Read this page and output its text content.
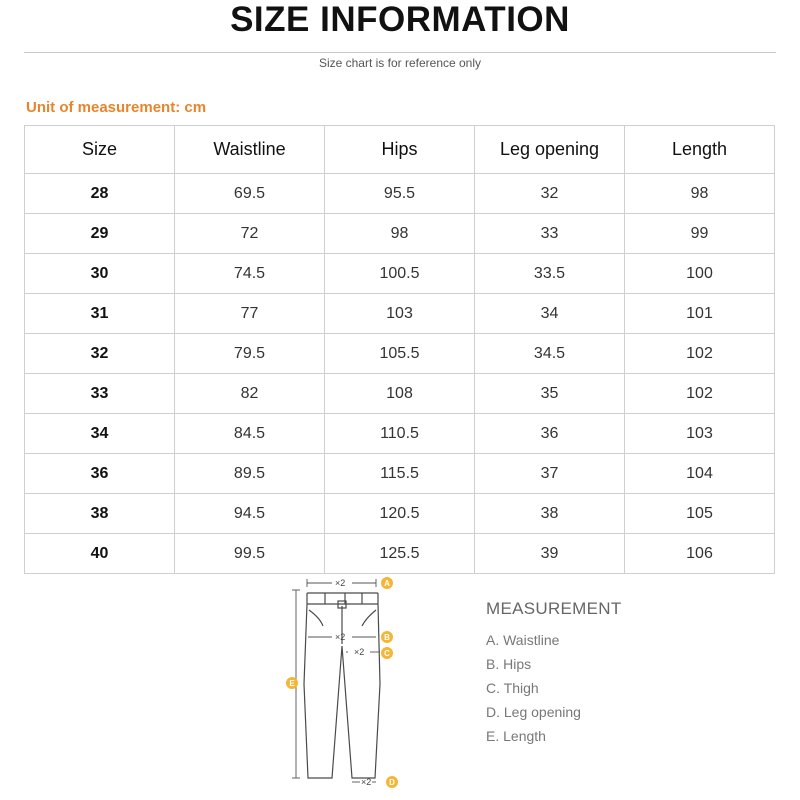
SIZE INFORMATION
Size chart is for reference only
Unit of measurement: cm
Size	Waistline	Hips	Leg opening	Length
28	69.5	95.5	32	98
29	72	98	33	99
30	74.5	100.5	33.5	100
31	77	103	34	101
32	79.5	105.5	34.5	102
33	82	108	35	102
34	84.5	110.5	36	103
36	89.5	115.5	37	104
38	94.5	120.5	38	105
40	99.5	125.5	39	106
×2
×2
×2
×2
A
B
C
D
E
MEASUREMENT
A. Waistline
B. Hips
C. Thigh
D. Leg opening
E. Length
